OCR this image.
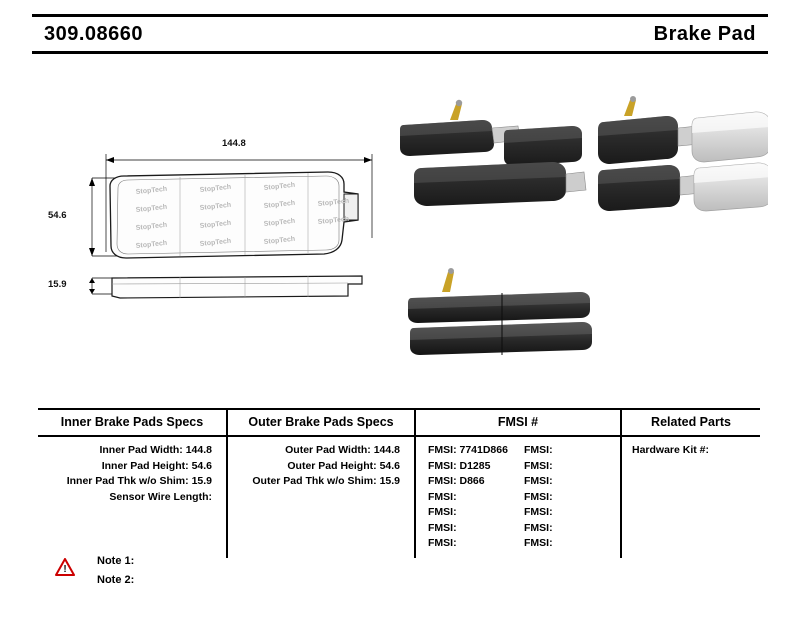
309.08660	Brake Pad
StopTech	StopTech	StopTech
StopTech	StopTech	StopTech	StopTech
StopTech	StopTech	StopTech	StopTech
StopTech	StopTech	StopTech
144.8
54.6
15.9
Inner Brake Pads Specs	Outer Brake Pads Specs	FMSI #	Related Parts
Inner Pad Width: 144.8
Inner Pad Height: 54.6
Inner Pad Thk w/o Shim: 15.9
Sensor Wire Length:
Outer Pad Width: 144.8
Outer Pad Height: 54.6
Outer Pad Thk w/o Shim: 15.9
FMSI: 7741D866
FMSI: D1285
FMSI: D866
FMSI:
FMSI:
FMSI:
FMSI:
FMSI:
FMSI:
FMSI:
FMSI:
FMSI:
FMSI:
FMSI:
Hardware Kit #:
!
Note 1:
Note 2:
